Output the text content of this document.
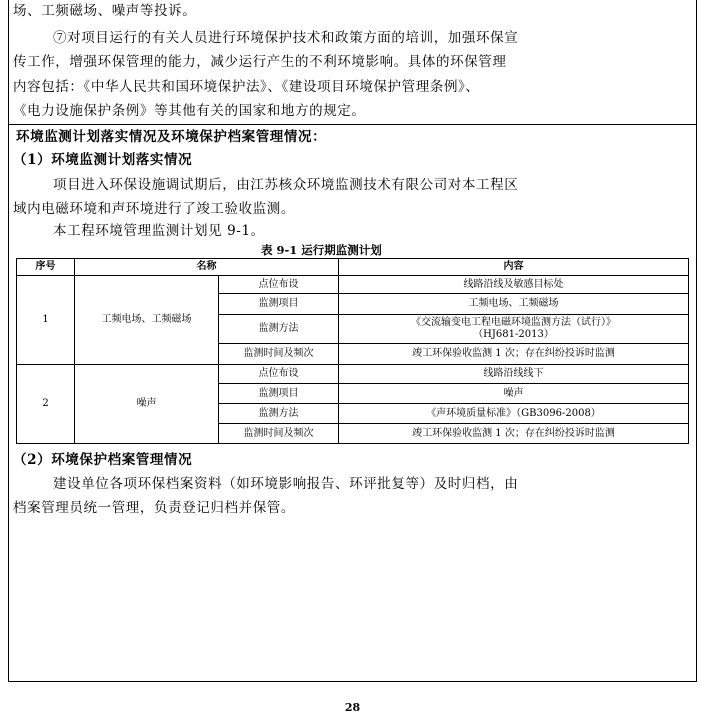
场、工频磁场、噪声等投诉。
⑦对项目运行的有关人员进行环境保护技术和政策方面的培训，加强环保宣
传工作，增强环保管理的能力，减少运行产生的不利环境影响。具体的环保管理
内容包括：《中华人民共和国环境保护法》、《建设项目环境保护管理条例》、
《电力设施保护条例》等其他有关的国家和地方的规定。
环境监测计划落实情况及环境保护档案管理情况：
（1）环境监测计划落实情况
项目进入环保设施调试期后，由江苏核众环境监测技术有限公司对本工程区
域内电磁环境和声环境进行了竣工验收监测。
本工程环境管理监测计划见 9-1。
表 9-1 运行期监测计划
序号	名称		内容
1	工频电场、工频磁场	点位布设	线路沿线及敏感目标处
		监测项目	工频电场、工频磁场
		监测方法	《交流输变电工程电磁环境监测方法（试行）》
（HJ681-2013）

		监测时间及频次	竣工环保验收监测 1 次；存在纠纷投诉时监测
2	噪声	点位布设	线路沿线线下
		监测项目	噪声
		监测方法	《声环境质量标准》（GB3096-2008）
		监测时间及频次	竣工环保验收监测 1 次；存在纠纷投诉时监测
（2）环境保护档案管理情况
建设单位各项环保档案资料（如环境影响报告、环评批复等）及时归档，由
档案管理员统一管理，负责登记归档并保管。
28
